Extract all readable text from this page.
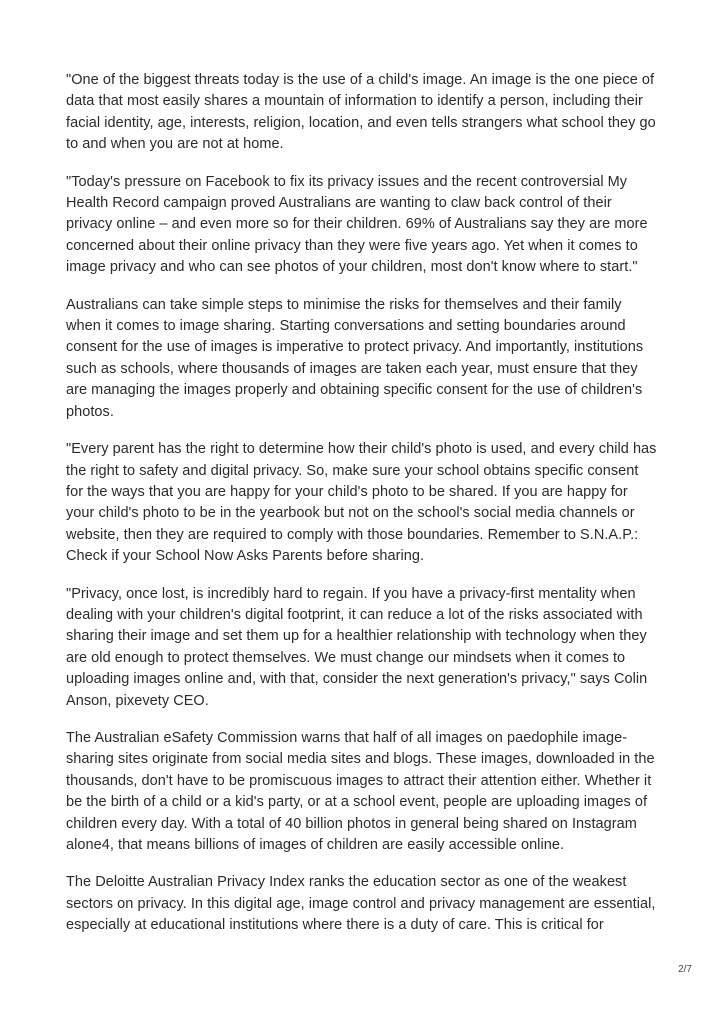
"One of the biggest threats today is the use of a child's image. An image is the one piece of data that most easily shares a mountain of information to identify a person, including their facial identity, age, interests, religion, location, and even tells strangers what school they go to and when you are not at home.

"Today's pressure on Facebook to fix its privacy issues and the recent controversial My Health Record campaign proved Australians are wanting to claw back control of their privacy online – and even more so for their children. 69% of Australians say they are more concerned about their online privacy than they were five years ago. Yet when it comes to image privacy and who can see photos of your children, most don't know where to start."

Australians can take simple steps to minimise the risks for themselves and their family when it comes to image sharing. Starting conversations and setting boundaries around consent for the use of images is imperative to protect privacy. And importantly, institutions such as schools, where thousands of images are taken each year, must ensure that they are managing the images properly and obtaining specific consent for the use of children's photos.

"Every parent has the right to determine how their child's photo is used, and every child has the right to safety and digital privacy. So, make sure your school obtains specific consent for the ways that you are happy for your child's photo to be shared. If you are happy for your child's photo to be in the yearbook but not on the school's social media channels or website, then they are required to comply with those boundaries. Remember to S.N.A.P.: Check if your School Now Asks Parents before sharing.

"Privacy, once lost, is incredibly hard to regain. If you have a privacy-first mentality when dealing with your children's digital footprint, it can reduce a lot of the risks associated with sharing their image and set them up for a healthier relationship with technology when they are old enough to protect themselves. We must change our mindsets when it comes to uploading images online and, with that, consider the next generation's privacy," says Colin Anson, pixevety CEO.

The Australian eSafety Commission warns that half of all images on paedophile image-sharing sites originate from social media sites and blogs. These images, downloaded in the thousands, don't have to be promiscuous images to attract their attention either. Whether it be the birth of a child or a kid's party, or at a school event, people are uploading images of children every day. With a total of 40 billion photos in general being shared on Instagram alone4, that means billions of images of children are easily accessible online.

The Deloitte Australian Privacy Index ranks the education sector as one of the weakest sectors on privacy. In this digital age, image control and privacy management are essential, especially at educational institutions where there is a duty of care. This is critical for

2/7
